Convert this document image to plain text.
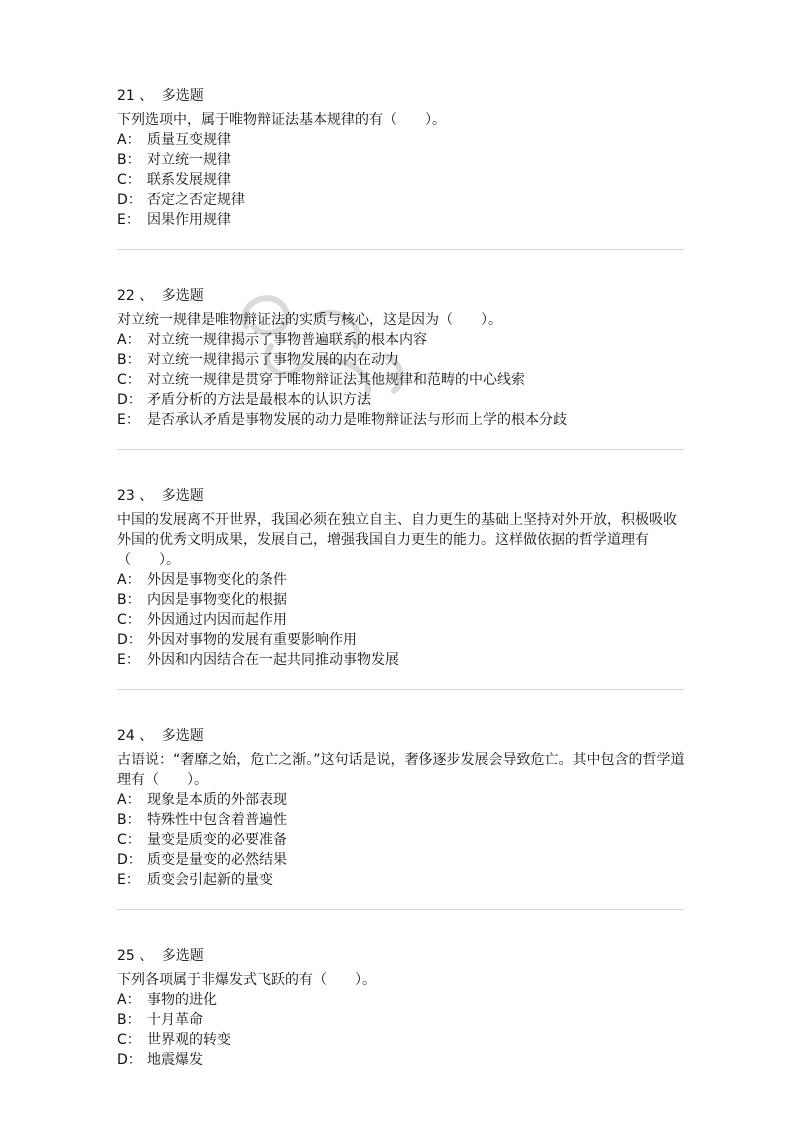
21 、 多选题
下列选项中，属于唯物辩证法基本规律的有（　　）。
A： 质量互变规律
B： 对立统一规律
C： 联系发展规律
D： 否定之否定规律
E： 因果作用规律
22 、 多选题
对立统一规律是唯物辩证法的实质与核心，这是因为（　　）。
A： 对立统一规律揭示了事物普遍联系的根本内容
B： 对立统一规律揭示了事物发展的内在动力
C： 对立统一规律是贯穿于唯物辩证法其他规律和范畴的中心线索
D： 矛盾分析的方法是最根本的认识方法
E： 是否承认矛盾是事物发展的动力是唯物辩证法与形而上学的根本分歧
23 、 多选题
中国的发展离不开世界，我国必须在独立自主、自力更生的基础上坚持对外开放，积极吸收外国的优秀文明成果，发展自己，增强我国自力更生的能力。这样做依据的哲学道理有（　　）。
A： 外因是事物变化的条件
B： 内因是事物变化的根据
C： 外因通过内因而起作用
D： 外因对事物的发展有重要影响作用
E： 外因和内因结合在一起共同推动事物发展
24 、 多选题
古语说：“奢靡之始，危亡之渐。”这句话是说，奢侈逐步发展会导致危亡。其中包含的哲学道理有（　　）。
A： 现象是本质的外部表现
B： 特殊性中包含着普遍性
C： 量变是质变的必要准备
D： 质变是量变的必然结果
E： 质变会引起新的量变
25 、 多选题
下列各项属于非爆发式飞跃的有（　　）。
A： 事物的进化
B： 十月革命
C： 世界观的转变
D： 地震爆发
